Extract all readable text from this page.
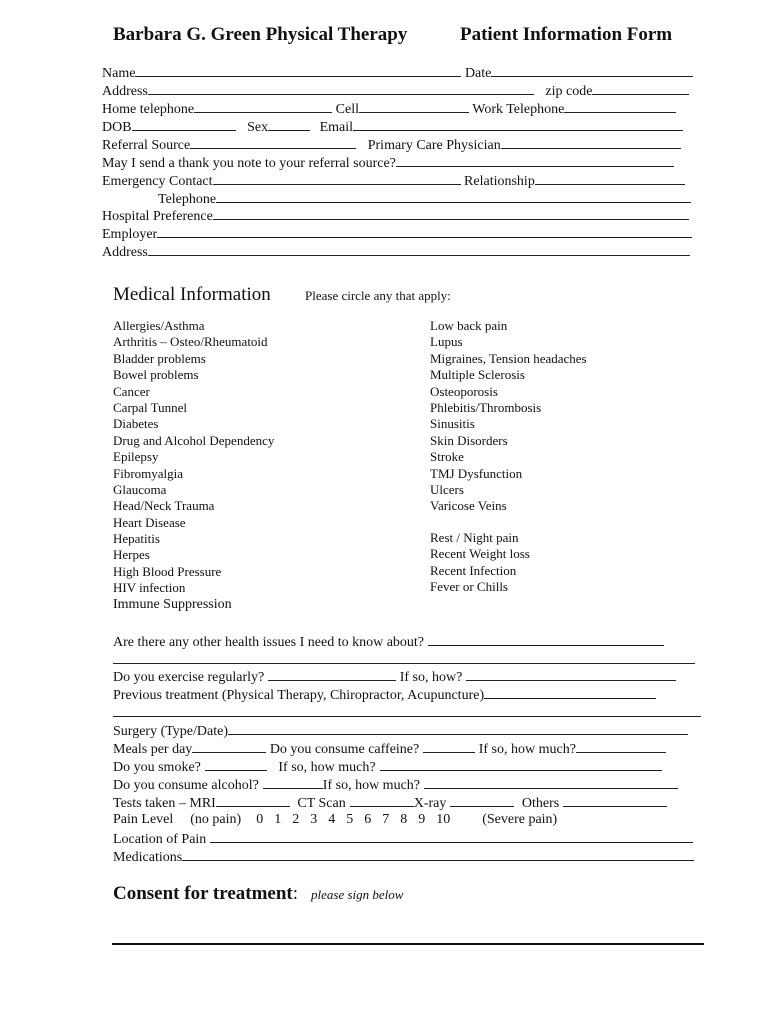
Barbara G. Green Physical Therapy	Patient Information Form
Name	Date
Address	zip code
Home telephone	Cell	Work Telephone
DOB	Sex	Email
Referral Source	Primary Care Physician
May I send a thank you note to your referral source?
Emergency Contact	Relationship
Telephone
Hospital Preference
Employer
Address
Medical Information	Please circle any that apply:
Allergies/Asthma
Arthritis – Osteo/Rheumatoid
Bladder problems
Bowel problems
Cancer
Carpal Tunnel
Diabetes
Drug and Alcohol Dependency
Epilepsy
Fibromyalgia
Glaucoma
Head/Neck Trauma
Heart Disease
Hepatitis
Herpes
High Blood Pressure
HIV infection
Immune Suppression
Low back pain
Lupus
Migraines, Tension headaches
Multiple Sclerosis
Osteoporosis
Phlebitis/Thrombosis
Sinusitis
Skin Disorders
Stroke
TMJ Dysfunction
Ulcers
Varicose Veins
Rest / Night pain
Recent Weight loss
Recent Infection
Fever or Chills
Are there any other health issues I need to know about?
Do you exercise regularly?	If so, how?
Previous treatment (Physical Therapy, Chiropractor, Acupuncture)
Surgery (Type/Date)
Meals per day	Do you consume caffeine?	If so, how much?
Do you smoke?	If so, how much?
Do you consume alcohol?	If so, how much?
Tests taken – MRI	CT Scan	X-ray	Others
Pain Level (no pain) 0 1 2 3 4 5 6 7 8 9 10 (Severe pain)
Location of Pain
Medications
Consent for treatment: please sign below
